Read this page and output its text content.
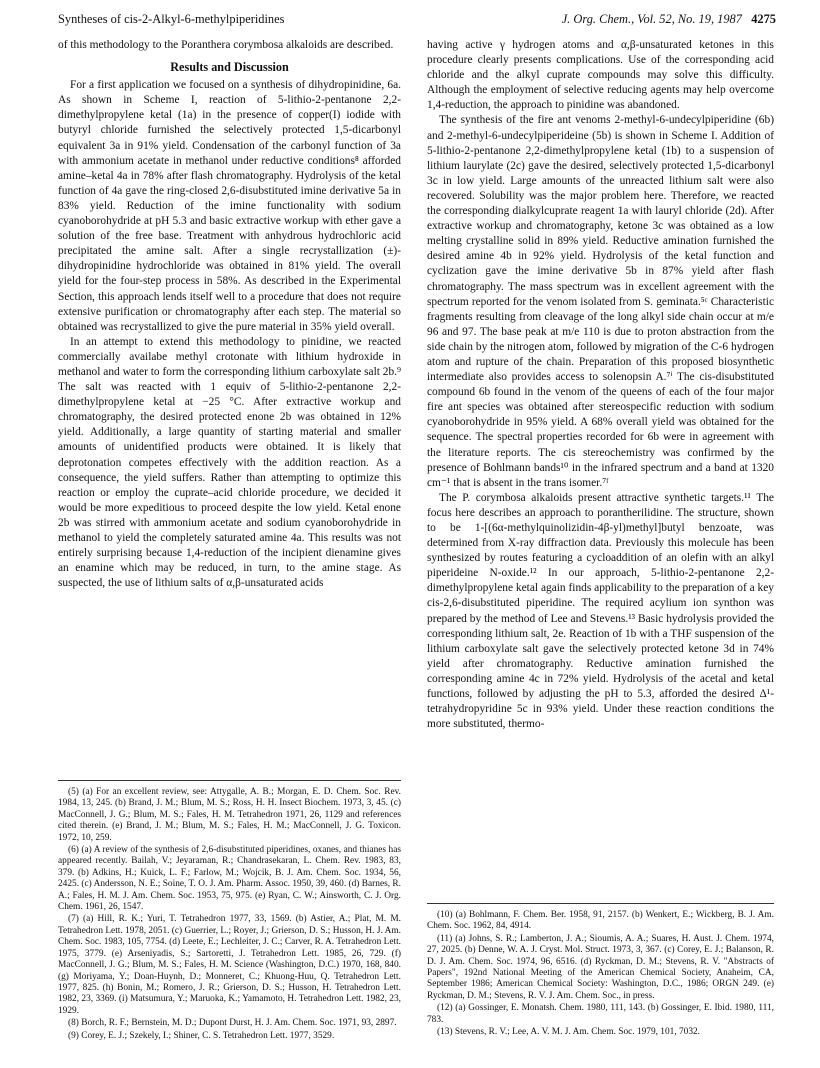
Syntheses of cis-2-Alkyl-6-methylpiperidines	J. Org. Chem., Vol. 52, No. 19, 1987 4275

of this methodology to the Poranthera corymbosa alkaloids are described.

Results and Discussion

For a first application we focused on a synthesis of dihydropinidine, 6a. As shown in Scheme I, reaction of 5-lithio-2-pentanone 2,2-dimethylpropylene ketal (1a) in the presence of copper(I) iodide with butyryl chloride furnished the selectively protected 1,5-dicarbonyl equivalent 3a in 91% yield. Condensation of the carbonyl function of 3a with ammonium acetate in methanol under reductive conditions⁸ afforded amine–ketal 4a in 78% after flash chromatography. Hydrolysis of the ketal function of 4a gave the ring-closed 2,6-disubstituted imine derivative 5a in 83% yield. Reduction of the imine functionality with sodium cyanoborohydride at pH 5.3 and basic extractive workup with ether gave a solution of the free base. Treatment with anhydrous hydrochloric acid precipitated the amine salt. After a single recrystallization (±)-dihydropinidine hydrochloride was obtained in 81% yield. The overall yield for the four-step process in 58%. As described in the Experimental Section, this approach lends itself well to a procedure that does not require extensive purification or chromatography after each step. The material so obtained was recrystallized to give the pure material in 35% yield overall.

In an attempt to extend this methodology to pinidine, we reacted commercially availabe methyl crotonate with lithium hydroxide in methanol and water to form the corresponding lithium carboxylate salt 2b.⁹ The salt was reacted with 1 equiv of 5-lithio-2-pentanone 2,2-dimethylpropylene ketal at −25 °C. After extractive workup and chromatography, the desired protected enone 2b was obtained in 12% yield. Additionally, a large quantity of starting material and smaller amounts of unidentified products were obtained. It is likely that deprotonation competes effectively with the addition reaction. As a consequence, the yield suffers. Rather than attempting to optimize this reaction or employ the cuprate–acid chloride procedure, we decided it would be more expeditious to proceed despite the low yield. Ketal enone 2b was stirred with ammonium acetate and sodium cyanoborohydride in methanol to yield the completely saturated amine 4a. This results was not entirely surprising because 1,4-reduction of the incipient dienamine gives an enamine which may be reduced, in turn, to the amine stage. As suspected, the use of lithium salts of α,β-unsaturated acids

(5) (a) For an excellent review, see: Attygalle, A. B.; Morgan, E. D. Chem. Soc. Rev. 1984, 13, 245. (b) Brand, J. M.; Blum, M. S.; Ross, H. H. Insect Biochem. 1973, 3, 45. (c) MacConnell, J. G.; Blum, M. S.; Fales, H. M. Tetrahedron 1971, 26, 1129 and references cited therein. (e) Brand, J. M.; Blum, M. S.; Fales, H. M.; MacConnell, J. G. Toxicon. 1972, 10, 259.

(6) (a) A review of the synthesis of 2,6-disubstituted piperidines, oxanes, and thianes has appeared recently. Bailah, V.; Jeyaraman, R.; Chandrasekaran, L. Chem. Rev. 1983, 83, 379. (b) Adkins, H.; Kuick, L. F.; Farlow, M.; Wojcik, B. J. Am. Chem. Soc. 1934, 56, 2425. (c) Andersson, N. E.; Soine, T. O. J. Am. Pharm. Assoc. 1950, 39, 460. (d) Barnes, R. A.; Fales, H. M. J. Am. Chem. Soc. 1953, 75, 975. (e) Ryan, C. W.; Ainsworth, C. J. Org. Chem. 1961, 26, 1547.

(7) (a) Hill, R. K.; Yuri, T. Tetrahedron 1977, 33, 1569. (b) Astier, A.; Plat, M. M. Tetrahedron Lett. 1978, 2051. (c) Guerrier, L.; Royer, J.; Grierson, D. S.; Husson, H. J. Am. Chem. Soc. 1983, 105, 7754. (d) Leete, E.; Lechleiter, J. C.; Carver, R. A. Tetrahedron Lett. 1975, 3779. (e) Arseniyadis, S.; Sartoretti, J. Tetrahedron Lett. 1985, 26, 729. (f) MacConnell, J. G.; Blum, M. S.; Fales, H. M. Science (Washington, D.C.) 1970, 168, 840. (g) Moriyama, Y.; Doan-Huynh, D.; Monneret, C.; Khuong-Huu, Q. Tetrahedron Lett. 1977, 825. (h) Bonin, M.; Romero, J. R.; Grierson, D. S.; Husson, H. Tetrahedron Lett. 1982, 23, 3369. (i) Matsumura, Y.; Maruoka, K.; Yamamoto, H. Tetrahedron Lett. 1982, 23, 1929.

(8) Borch, R. F.; Bernstein, M. D.; Dupont Durst, H. J. Am. Chem. Soc. 1971, 93, 2897.

(9) Corey, E. J.; Szekely, I.; Shiner, C. S. Tetrahedron Lett. 1977, 3529.

having active γ hydrogen atoms and α,β-unsaturated ketones in this procedure clearly presents complications. Use of the corresponding acid chloride and the alkyl cuprate compounds may solve this difficulty. Although the employment of selective reducing agents may help overcome 1,4-reduction, the approach to pinidine was abandoned.

The synthesis of the fire ant venoms 2-methyl-6-undecylpiperidine (6b) and 2-methyl-6-undecylpiperideine (5b) is shown in Scheme I. Addition of 5-lithio-2-pentanone 2,2-dimethylpropylene ketal (1b) to a suspension of lithium laurylate (2c) gave the desired, selectively protected 1,5-dicarbonyl 3c in low yield. Large amounts of the unreacted lithium salt were also recovered. Solubility was the major problem here. Therefore, we reacted the corresponding dialkylcuprate reagent 1a with lauryl chloride (2d). After extractive workup and chromatography, ketone 3c was obtained as a low melting crystalline solid in 89% yield. Reductive amination furnished the desired amine 4b in 92% yield. Hydrolysis of the ketal function and cyclization gave the imine derivative 5b in 87% yield after flash chromatography. The mass spectrum was in excellent agreement with the spectrum reported for the venom isolated from S. geminata.⁵ᶜ Characteristic fragments resulting from cleavage of the long alkyl side chain occur at m/e 96 and 97. The base peak at m/e 110 is due to proton abstraction from the side chain by the nitrogen atom, followed by migration of the C-6 hydrogen atom and rupture of the chain. Preparation of this proposed biosynthetic intermediate also provides access to solenopsin A.⁷ⁱ The cis-disubstituted compound 6b found in the venom of the queens of each of the four major fire ant species was obtained after stereospecific reduction with sodium cyanoborohydride in 95% yield. A 68% overall yield was obtained for the sequence. The spectral properties recorded for 6b were in agreement with the literature reports. The cis stereochemistry was confirmed by the presence of Bohlmann bands¹⁰ in the infrared spectrum and a band at 1320 cm⁻¹ that is absent in the trans isomer.⁷ᶠ

The P. corymbosa alkaloids present attractive synthetic targets.¹¹ The focus here describes an approach to porantherilidine. The structure, shown to be 1-[(6α-methylquinolizidin-4β-yl)methyl]butyl benzoate, was determined from X-ray diffraction data. Previously this molecule has been synthesized by routes featuring a cycloaddition of an olefin with an alkyl piperideine N-oxide.¹² In our approach, 5-lithio-2-pentanone 2,2-dimethylpropylene ketal again finds applicability to the preparation of a key cis-2,6-disubstituted piperidine. The required acylium ion synthon was prepared by the method of Lee and Stevens.¹³ Basic hydrolysis provided the corresponding lithium salt, 2e. Reaction of 1b with a THF suspension of the lithium carboxylate salt gave the selectively protected ketone 3d in 74% yield after chromatography. Reductive amination furnished the corresponding amine 4c in 72% yield. Hydrolysis of the acetal and ketal functions, followed by adjusting the pH to 5.3, afforded the desired Δ¹-tetrahydropyridine 5c in 93% yield. Under these reaction conditions the more substituted, thermo-

(10) (a) Bohlmann, F. Chem. Ber. 1958, 91, 2157. (b) Wenkert, E.; Wickberg, B. J. Am. Chem. Soc. 1962, 84, 4914.

(11) (a) Johns, S. R.; Lamberton, J. A.; Sioumis, A. A.; Suares, H. Aust. J. Chem. 1974, 27, 2025. (b) Denne, W. A. J. Cryst. Mol. Struct. 1973, 3, 367. (c) Corey, E. J.; Balanson, R. D. J. Am. Chem. Soc. 1974, 96, 6516. (d) Ryckman, D. M.; Stevens, R. V. "Abstracts of Papers", 192nd National Meeting of the American Chemical Society, Anaheim, CA, September 1986; American Chemical Society: Washington, D.C., 1986; ORGN 249. (e) Ryckman, D. M.; Stevens, R. V. J. Am. Chem. Soc., in press.

(12) (a) Gossinger, E. Monatsh. Chem. 1980, 111, 143. (b) Gossinger, E. Ibid. 1980, 111, 783.

(13) Stevens, R. V.; Lee, A. V. M. J. Am. Chem. Soc. 1979, 101, 7032.
